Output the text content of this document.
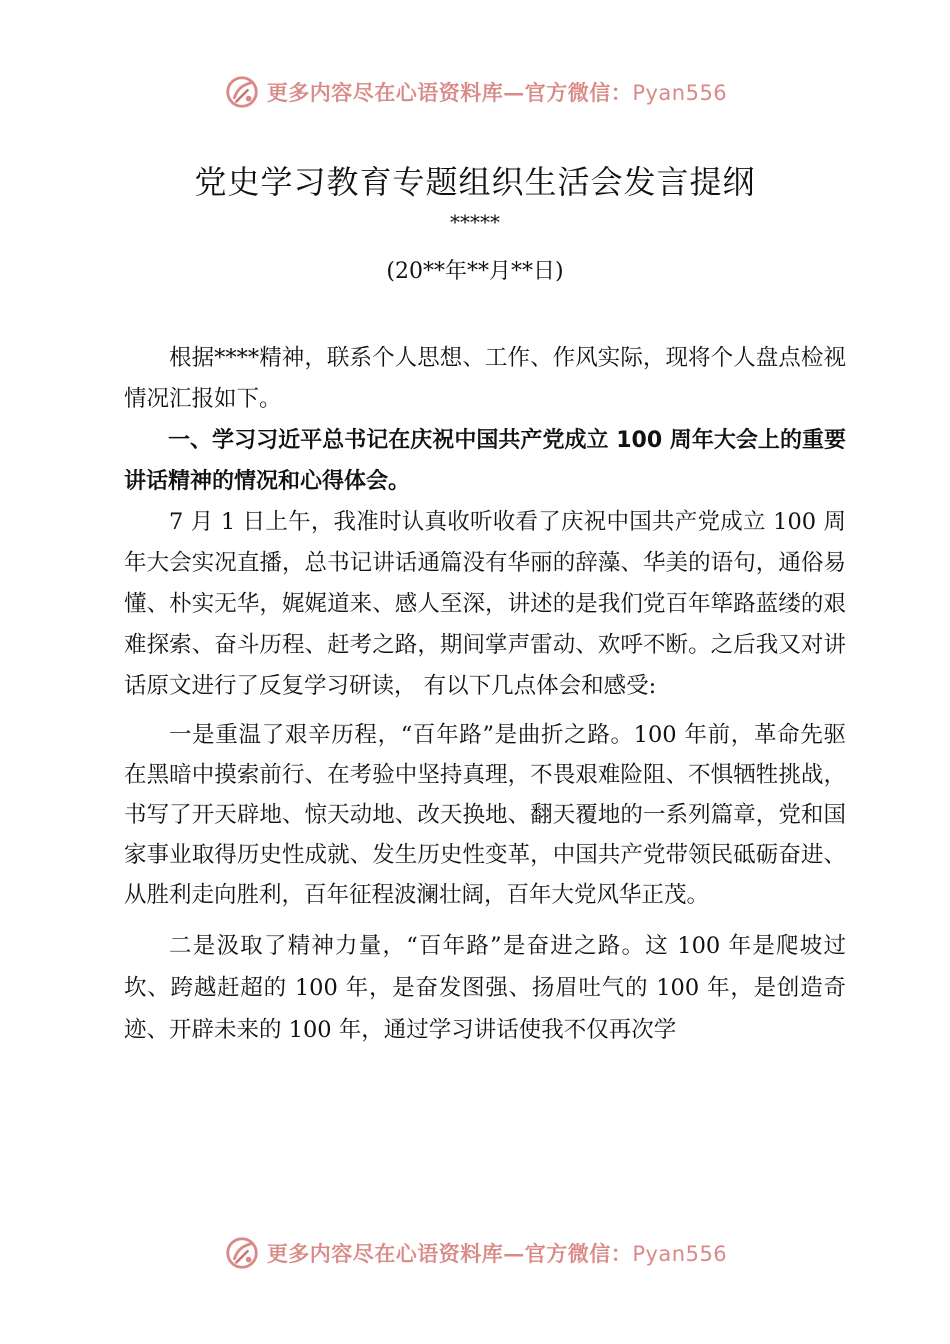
更多内容尽在心语资料库—官方微信：Pyan556
党史学习教育专题组织生活会发言提纲
*****
(20**年**月**日)

根据****精神，联系个人思想、工作、作风实际，现将个人盘点检视情况汇报如下。

一、学习习近平总书记在庆祝中国共产党成立 100 周年大会上的重要讲话精神的情况和心得体会。

7 月 1 日上午，我准时认真收听收看了庆祝中国共产党成立 100 周年大会实况直播，总书记讲话通篇没有华丽的辞藻、华美的语句，通俗易懂、朴实无华，娓娓道来、感人至深，讲述的是我们党百年筚路蓝缕的艰难探索、奋斗历程、赶考之路，期间掌声雷动、欢呼不断。之后我又对讲话原文进行了反复学习研读， 有以下几点体会和感受:

一是重温了艰辛历程，“百年路”是曲折之路。100 年前，革命先驱在黑暗中摸索前行、在考验中坚持真理，不畏艰难险阻、不惧牺牲挑战，书写了开天辟地、惊天动地、改天换地、翻天覆地的一系列篇章，党和国家事业取得历史性成就、发生历史性变革，中国共产党带领民砥砺奋进、从胜利走向胜利，百年征程波澜壮阔，百年大党风华正茂。

二是汲取了精神力量，“百年路”是奋进之路。这 100 年是爬坡过坎、跨越赶超的 100 年，是奋发图强、扬眉吐气的 100 年，是创造奇迹、开辟未来的 100 年，通过学习讲话使我不仅再次学

更多内容尽在心语资料库—官方微信：Pyan556
